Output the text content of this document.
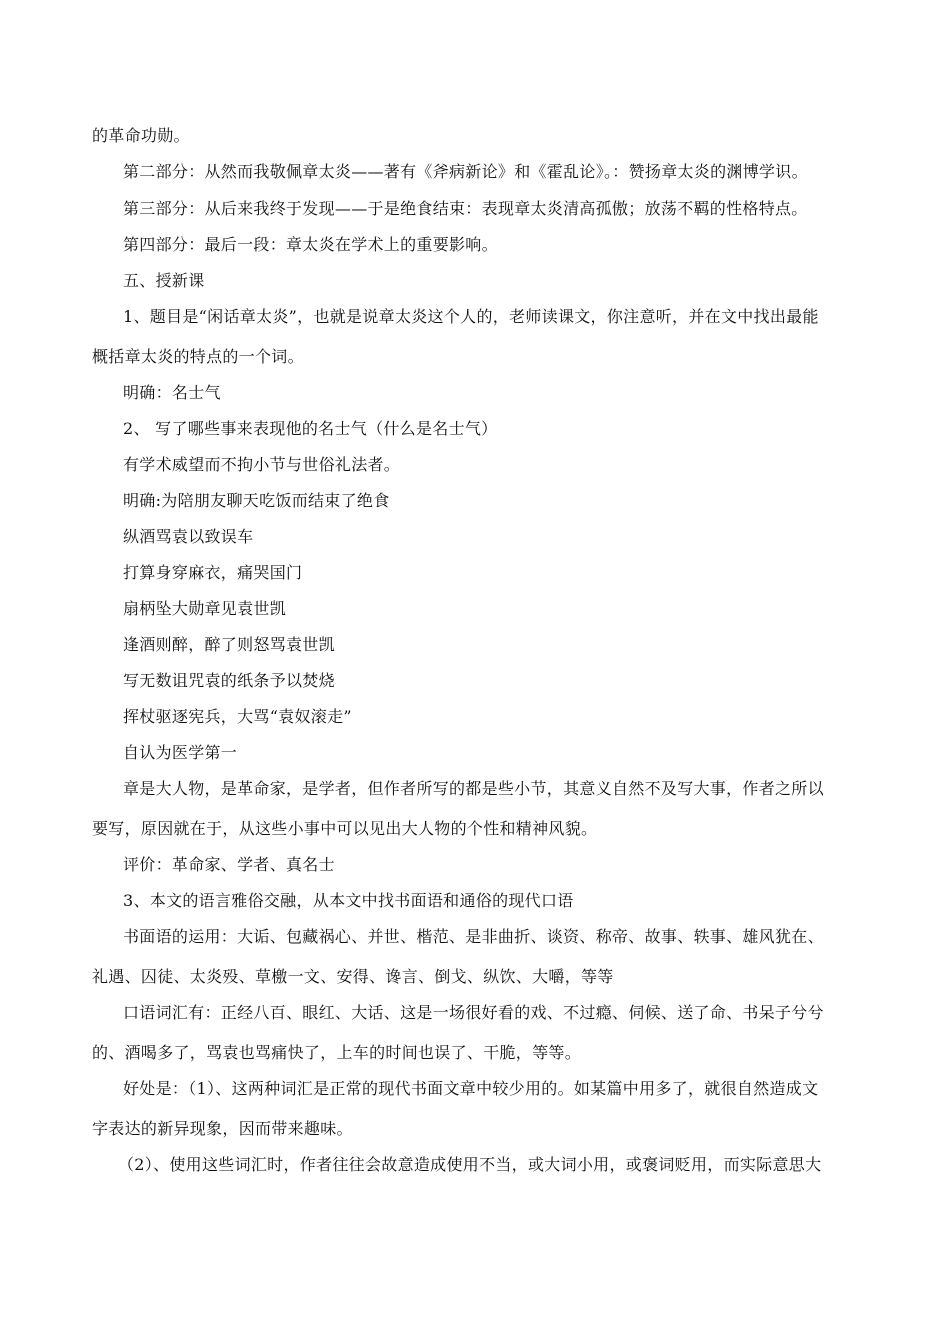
的革命功勋。
第二部分：从然而我敬佩章太炎——著有《斧病新论》和《霍乱论》。：赞扬章太炎的渊博学识。
第三部分：从后来我终于发现——于是绝食结束：表现章太炎清高孤傲；放荡不羁的性格特点。
第四部分：最后一段：章太炎在学术上的重要影响。
五、授新课
1、题目是“闲话章太炎”，也就是说章太炎这个人的，老师读课文，你注意听，并在文中找出最能
概括章太炎的特点的一个词。
明确：名士气
2、 写了哪些事来表现他的名士气（什么是名士气）
有学术威望而不拘小节与世俗礼法者。
明确:为陪朋友聊天吃饭而结束了绝食
纵酒骂袁以致误车
打算身穿麻衣，痛哭国门
扇柄坠大勋章见袁世凯
逢酒则醉，醉了则怒骂袁世凯
写无数诅咒袁的纸条予以焚烧
挥杖驱逐宪兵，大骂“袁奴滚走”
自认为医学第一
章是大人物，是革命家，是学者，但作者所写的都是些小节，其意义自然不及写大事，作者之所以
要写，原因就在于，从这些小事中可以见出大人物的个性和精神风貌。
评价：革命家、学者、真名士
3、本文的语言雅俗交融，从本文中找书面语和通俗的现代口语
书面语的运用：大诟、包藏祸心、并世、楷范、是非曲折、谈资、称帝、故事、轶事、雄风犹在、
礼遇、囚徒、太炎殁、草檄一文、安得、谗言、倒戈、纵饮、大嚼，等等
口语词汇有：正经八百、眼红、大话、这是一场很好看的戏、不过瘾、伺候、送了命、书呆子兮兮
的、酒喝多了，骂袁也骂痛快了，上车的时间也误了、干脆，等等。
好处是：（1）、这两种词汇是正常的现代书面文章中较少用的。如某篇中用多了，就很自然造成文
字表达的新异现象，因而带来趣味。
（2）、使用这些词汇时，作者往往会故意造成使用不当，或大词小用，或褒词贬用，而实际意思大
